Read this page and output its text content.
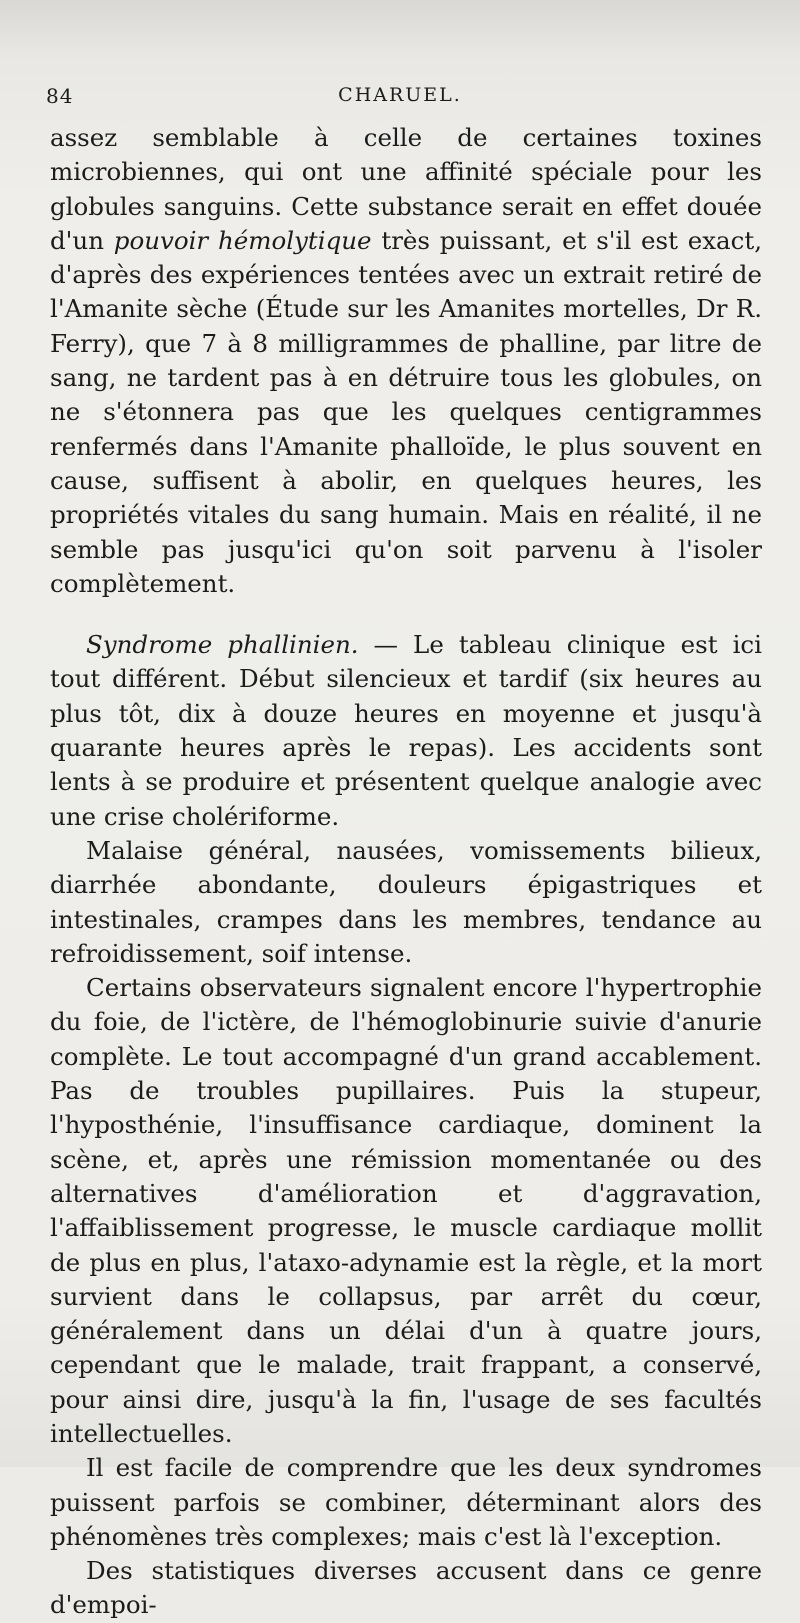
84	CHARUEL.

assez semblable à celle de certaines toxines microbiennes, qui ont une affinité spéciale pour les globules sanguins. Cette substance serait en effet douée d'un pouvoir hémolytique très puissant, et s'il est exact, d'après des expériences tentées avec un extrait retiré de l'Amanite sèche (Étude sur les Amanites mortelles, Dr R. Ferry), que 7 à 8 milligrammes de phalline, par litre de sang, ne tardent pas à en détruire tous les globules, on ne s'étonnera pas que les quelques centigrammes renfermés dans l'Amanite phalloïde, le plus souvent en cause, suffisent à abolir, en quelques heures, les propriétés vitales du sang humain. Mais en réalité, il ne semble pas jusqu'ici qu'on soit parvenu à l'isoler complètement.

Syndrome phallinien. — Le tableau clinique est ici tout différent. Début silencieux et tardif (six heures au plus tôt, dix à douze heures en moyenne et jusqu'à quarante heures après le repas). Les accidents sont lents à se produire et présentent quelque analogie avec une crise cholériforme.

Malaise général, nausées, vomissements bilieux, diarrhée abondante, douleurs épigastriques et intestinales, crampes dans les membres, tendance au refroidissement, soif intense.

Certains observateurs signalent encore l'hypertrophie du foie, de l'ictère, de l'hémoglobinurie suivie d'anurie complète. Le tout accompagné d'un grand accablement. Pas de troubles pupillaires. Puis la stupeur, l'hyposthénie, l'insuffisance cardiaque, dominent la scène, et, après une rémission momentanée ou des alternatives d'amélioration et d'aggravation, l'affaiblissement progresse, le muscle cardiaque mollit de plus en plus, l'ataxo-adynamie est la règle, et la mort survient dans le collapsus, par arrêt du cœur, généralement dans un délai d'un à quatre jours, cependant que le malade, trait frappant, a conservé, pour ainsi dire, jusqu'à la fin, l'usage de ses facultés intellectuelles.

Il est facile de comprendre que les deux syndromes puissent parfois se combiner, déterminant alors des phénomènes très complexes; mais c'est là l'exception.

Des statistiques diverses accusent dans ce genre d'empoi-
